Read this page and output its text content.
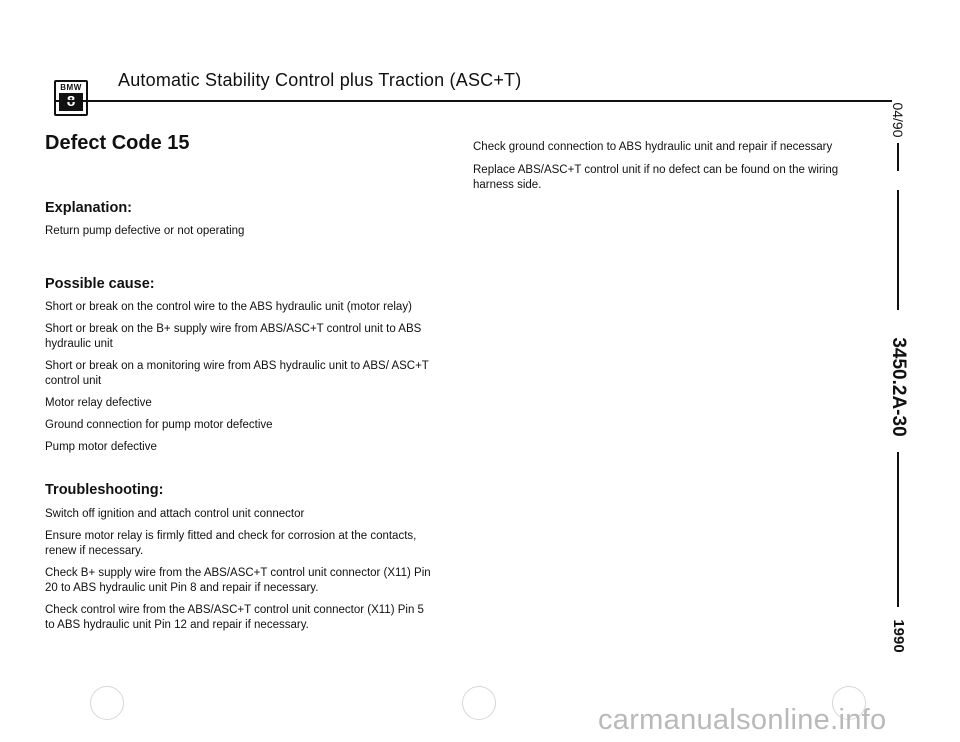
BMW Automatic Stability Control plus Traction (ASC+T)
Defect Code 15
Explanation:

Return pump defective or not operating

Possible cause:

Short or break on the control wire to the ABS hydraulic unit (motor relay)

Short or break on the B+ supply wire from ABS/ASC+T control unit to ABS hydraulic unit

Short or break on a monitoring wire from ABS hydraulic unit to ABS/ ASC+T control unit

Motor relay defective

Ground connection for pump motor defective

Pump motor defective

Troubleshooting:

Switch off ignition and attach control unit connector

Ensure motor relay is firmly fitted and check for corrosion at the contacts, renew if necessary.

Check B+ supply wire from the ABS/ASC+T control unit connector (X11) Pin 20 to ABS hydraulic unit Pin 8 and repair if necessary.

Check control wire from the ABS/ASC+T control unit connector (X11) Pin 5 to ABS hydraulic unit Pin 12 and repair if necessary.

Check ground connection to ABS hydraulic unit and repair if necessary

Replace ABS/ASC+T control unit if no defect can be found on the wiring harness side.

04/90
3450.2A-30
1990
carmanualsonline.info
